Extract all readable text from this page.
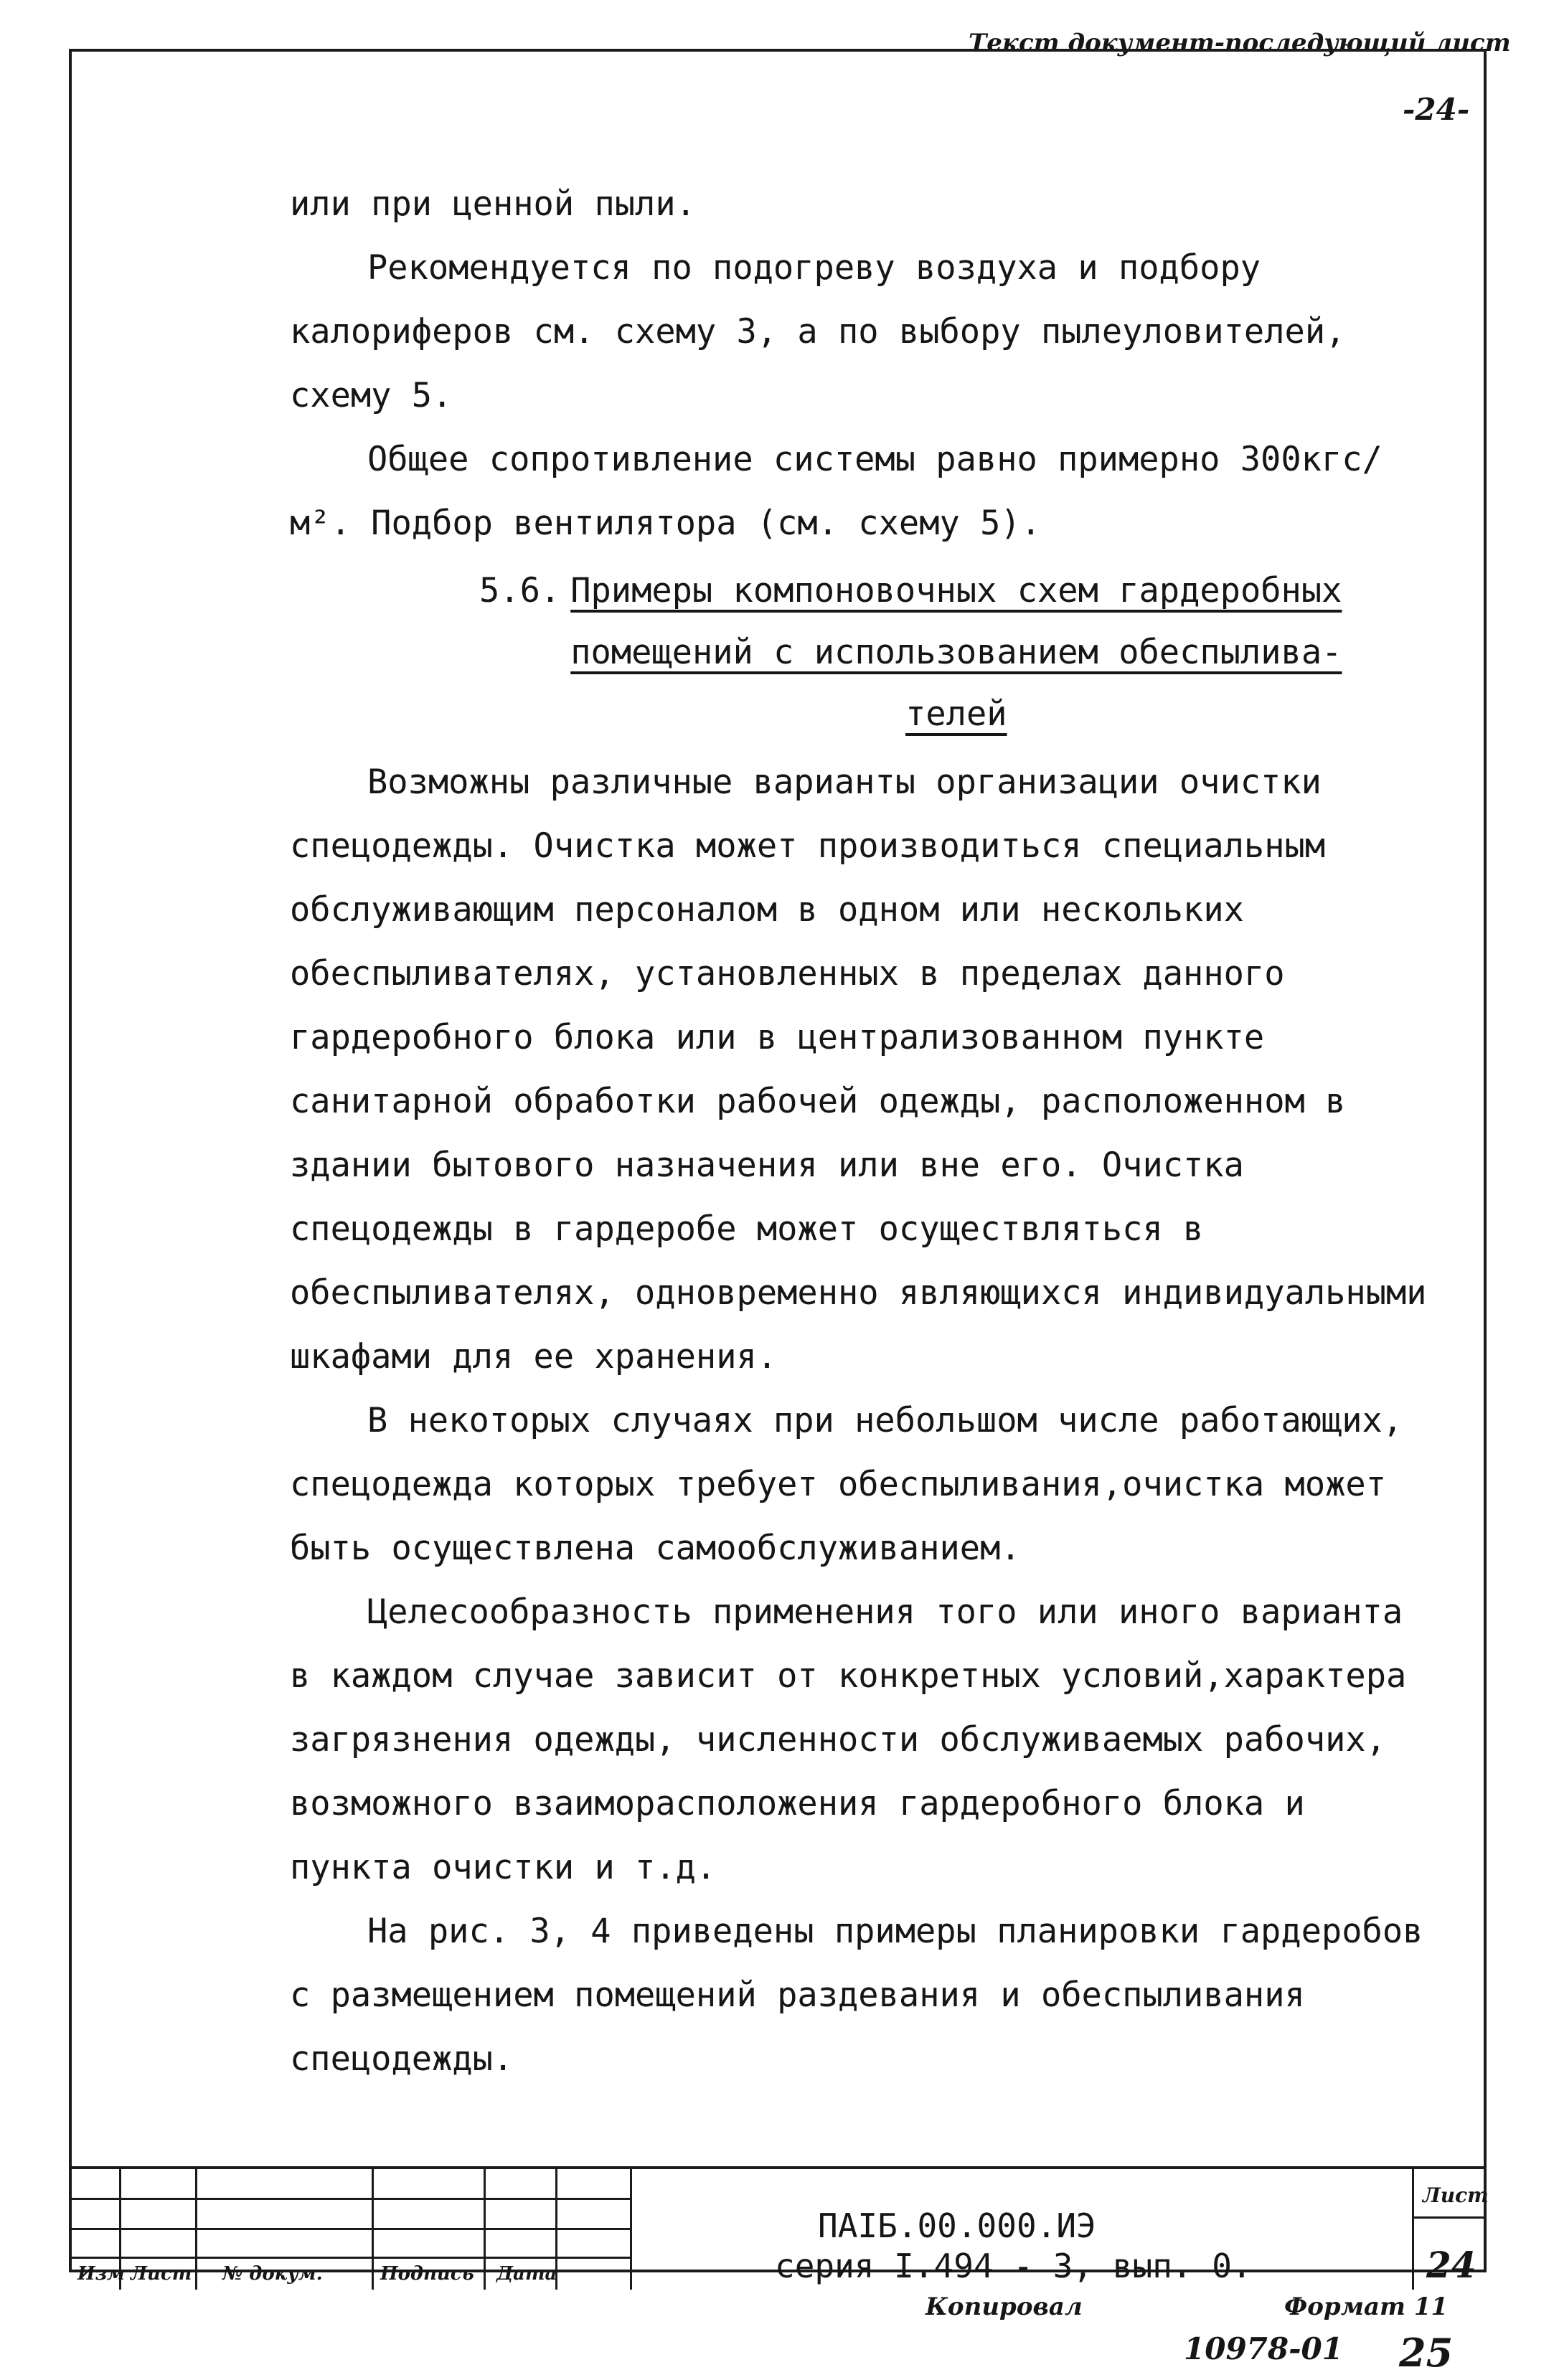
Текст документ-последующий лист
-24-

или при ценной пыли.

Рекомендуется по подогреву воздуха и подбору калориферов см. схему 3, а по выбору пылеуловителей, схему 5.

Общее сопротивление системы равно примерно 300кгс/м². Подбор вентилятора (см. схему 5).

5.6. Примеры компоновочных схем гардеробных
помещений с использованием обеспылива-
телей

Возможны различные варианты организации очистки спецодежды. Очистка может производиться специальным обслуживающим персоналом в одном или нескольких обеспыливателях, установленных в пределах данного гардеробного блока или в централизованном пункте санитарной обработки рабочей одежды, расположенном в здании бытового назначения или вне его. Очистка спецодежды в гардеробе может осуществляться в обеспыливателях, одновременно являющихся индивидуальными шкафами для ее хранения.

В некоторых случаях при небольшом числе работающих, спецодежда которых требует обеспыливания,очистка может быть осуществлена самообслуживанием.

Целесообразность применения того или иного варианта в каждом случае зависит от конкретных условий,характера загрязнения одежды, численности обслуживаемых рабочих, возможного взаиморасположения гардеробного блока и пункта очистки и т.д.

На рис. 3, 4 приведены примеры планировки гардеробов с размещением помещений раздевания и обеспыливания спецодежды.

Изм Лист № докум.	Подпись Дата
ПАIБ.00.000.ИЭ
серия I.494 - 3, вып. 0.
Лист
24
Копировал	Формат 11
10978-01 25
